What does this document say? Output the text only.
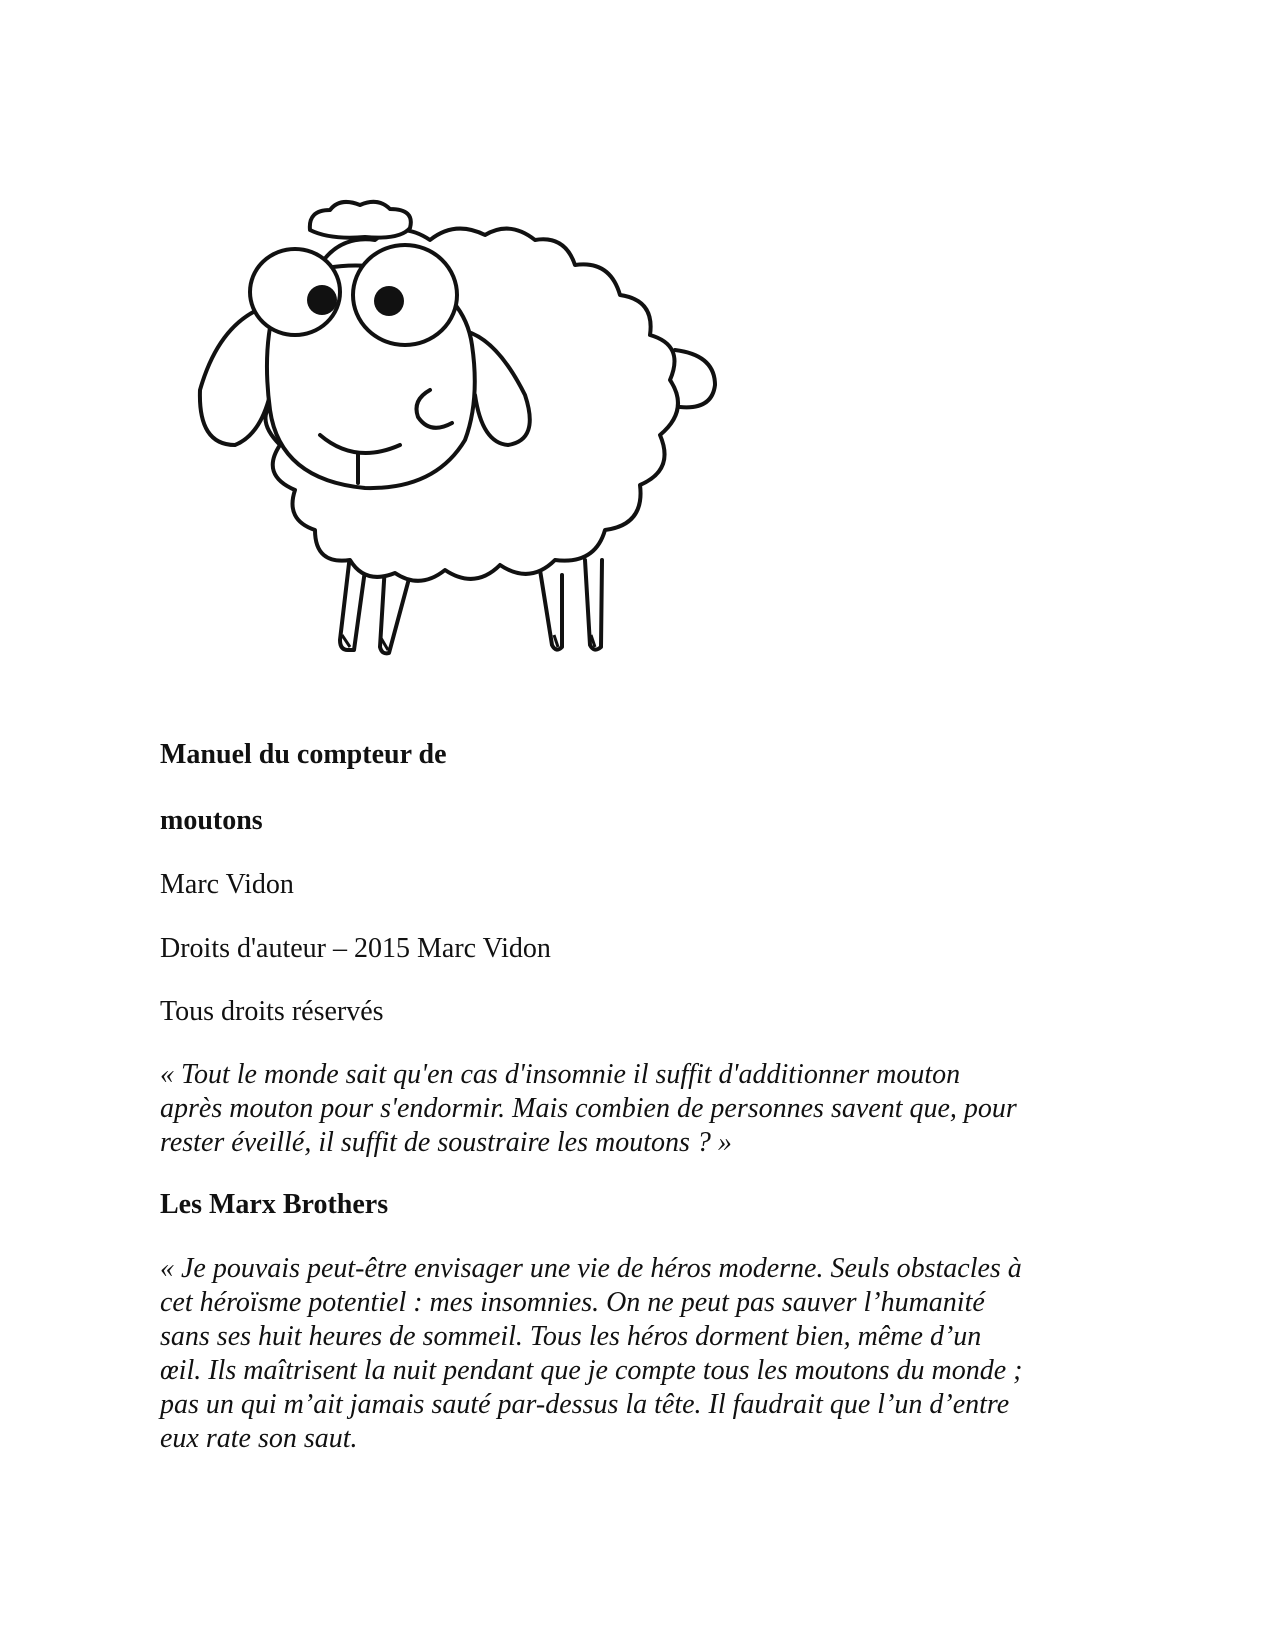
Manuel du compteur de

moutons

Marc Vidon

Droits d'auteur – 2015 Marc Vidon

Tous droits réservés

« Tout le monde sait qu'en cas d'insomnie il suffit d'additionner mouton

après mouton pour s'endormir. Mais combien de personnes savent que, pour

rester éveillé, il suffit de soustraire les moutons ? »

Les Marx Brothers

« Je pouvais peut-être envisager une vie de héros moderne. Seuls obstacles à

cet héroïsme potentiel : mes insomnies. On ne peut pas sauver l’humanité

sans ses huit heures de sommeil. Tous les héros dorment bien, même d’un

œil. Ils maîtrisent la nuit pendant que je compte tous les moutons du monde ;

pas un qui m’ait jamais sauté par-dessus la tête. Il faudrait que l’un d’entre

eux rate son saut.
